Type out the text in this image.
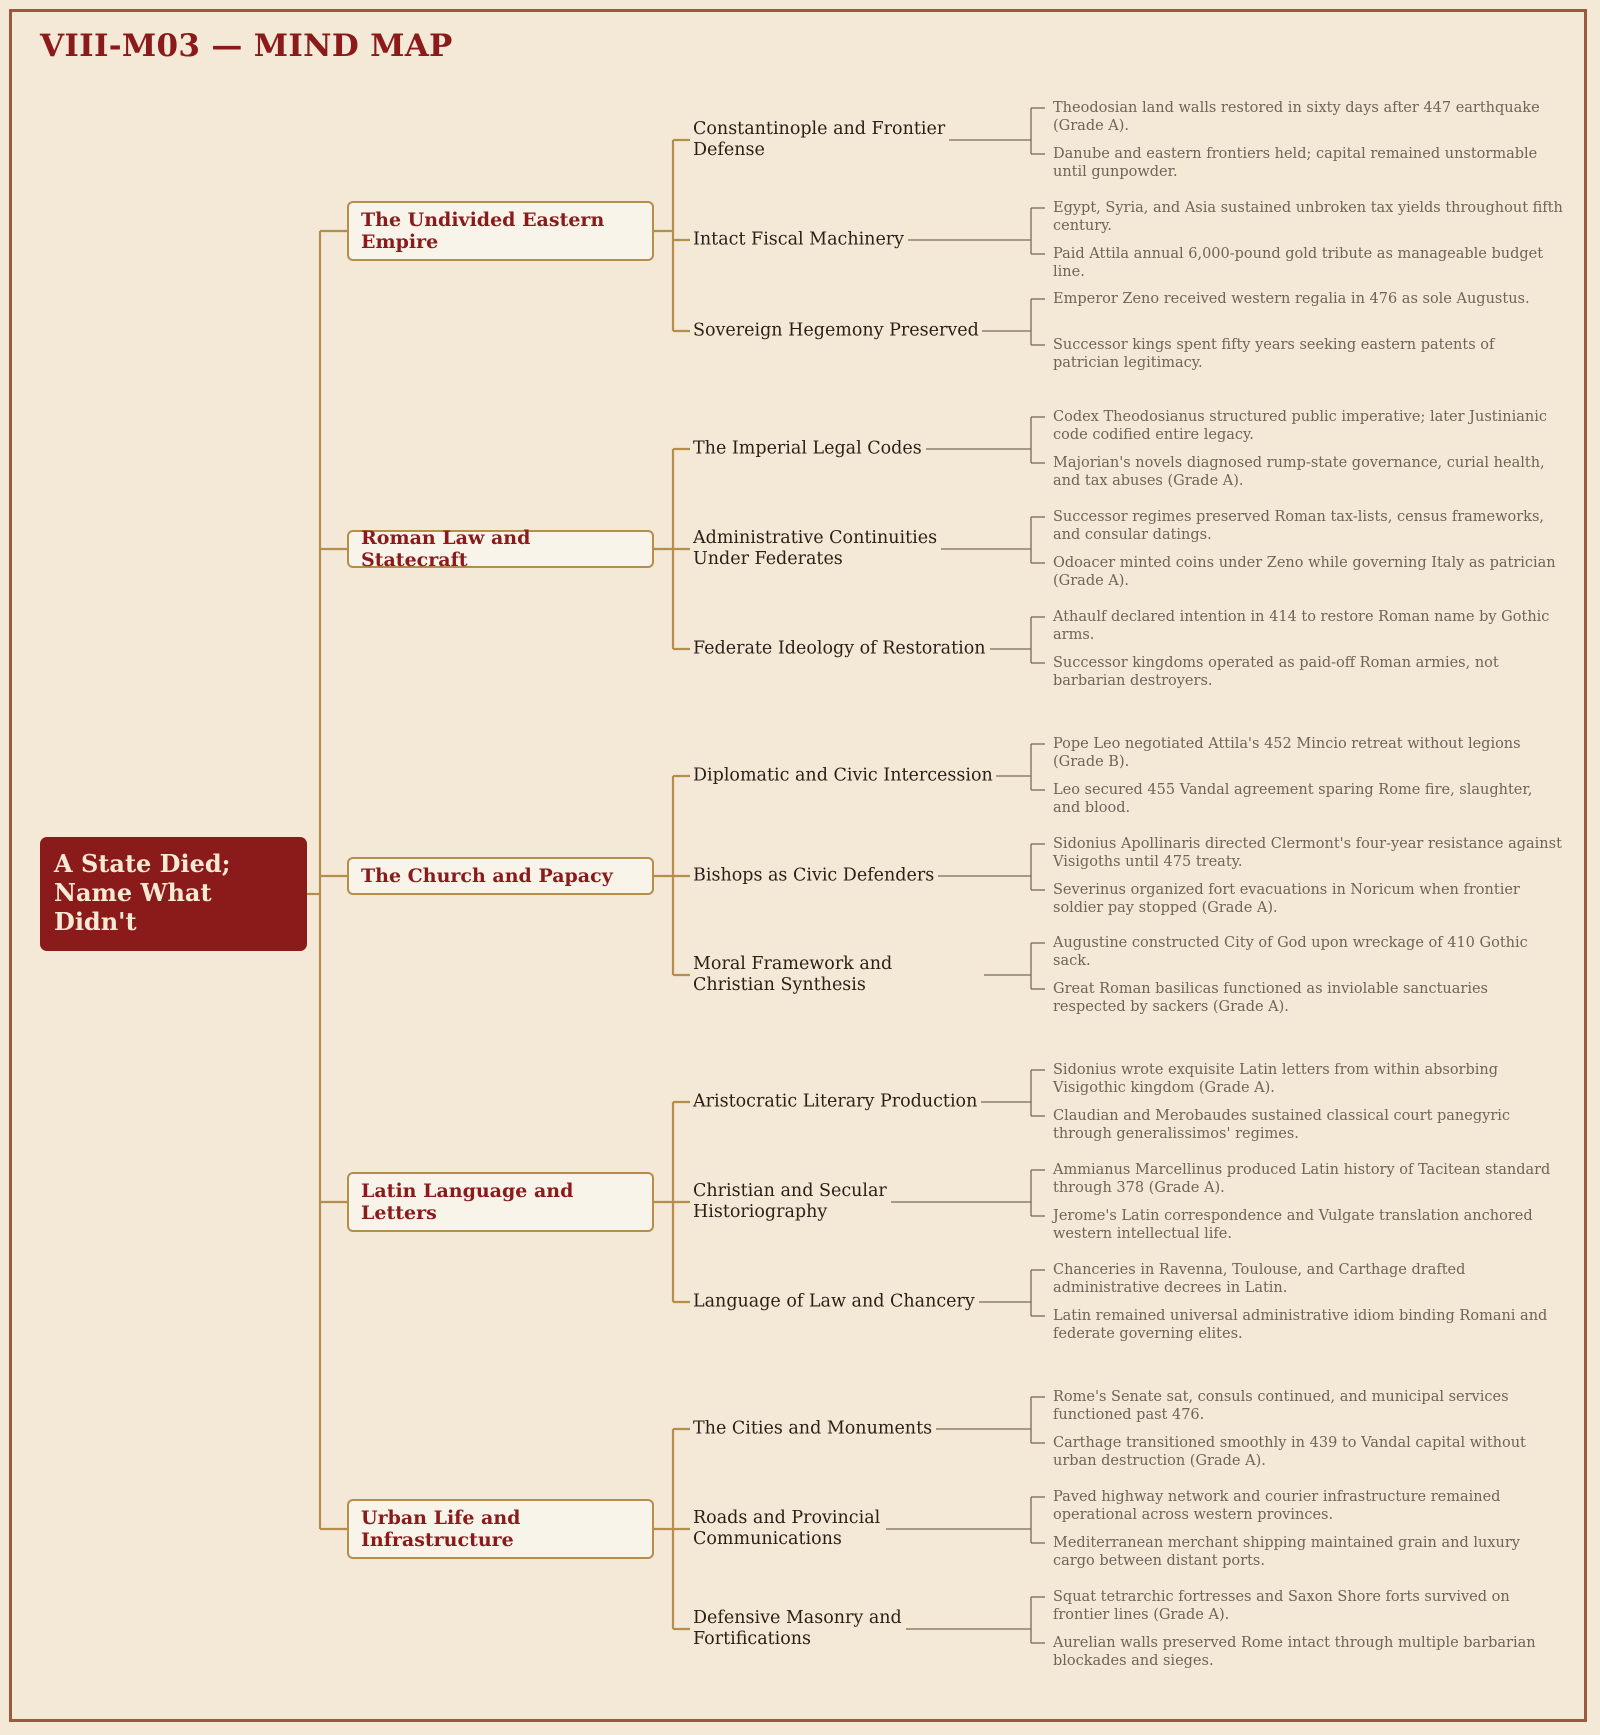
VIII-M03 — MIND MAP
A State Died; Name What Didn't
The Undivided Eastern Empire
Constantinople and Frontier Defense
Theodosian land walls restored in sixty days after 447 earthquake (Grade A).
Danube and eastern frontiers held; capital remained unstormable until gunpowder.
Intact Fiscal Machinery
Egypt, Syria, and Asia sustained unbroken tax yields throughout fifth century.
Paid Attila annual 6,000-pound gold tribute as manageable budget line.
Sovereign Hegemony Preserved
Emperor Zeno received western regalia in 476 as sole Augustus.
Successor kings spent fifty years seeking eastern patents of patrician legitimacy.
Roman Law and Statecraft
The Imperial Legal Codes
Codex Theodosianus structured public imperative; later Justinianic code codified entire legacy.
Majorian's novels diagnosed rump-state governance, curial health, and tax abuses (Grade A).
Administrative Continuities Under Federates
Successor regimes preserved Roman tax-lists, census frameworks, and consular datings.
Odoacer minted coins under Zeno while governing Italy as patrician (Grade A).
Federate Ideology of Restoration
Athaulf declared intention in 414 to restore Roman name by Gothic arms.
Successor kingdoms operated as paid-off Roman armies, not barbarian destroyers.
The Church and Papacy
Diplomatic and Civic Intercession
Pope Leo negotiated Attila's 452 Mincio retreat without legions (Grade B).
Leo secured 455 Vandal agreement sparing Rome fire, slaughter, and blood.
Bishops as Civic Defenders
Sidonius Apollinaris directed Clermont's four-year resistance against Visigoths until 475 treaty.
Severinus organized fort evacuations in Noricum when frontier soldier pay stopped (Grade A).
Moral Framework and Christian Synthesis
Augustine constructed City of God upon wreckage of 410 Gothic sack.
Great Roman basilicas functioned as inviolable sanctuaries respected by sackers (Grade A).
Latin Language and Letters
Aristocratic Literary Production
Sidonius wrote exquisite Latin letters from within absorbing Visigothic kingdom (Grade A).
Claudian and Merobaudes sustained classical court panegyric through generalissimos' regimes.
Christian and Secular Historiography
Ammianus Marcellinus produced Latin history of Tacitean standard through 378 (Grade A).
Jerome's Latin correspondence and Vulgate translation anchored western intellectual life.
Language of Law and Chancery
Chanceries in Ravenna, Toulouse, and Carthage drafted administrative decrees in Latin.
Latin remained universal administrative idiom binding Romani and federate governing elites.
Urban Life and Infrastructure
The Cities and Monuments
Rome's Senate sat, consuls continued, and municipal services functioned past 476.
Carthage transitioned smoothly in 439 to Vandal capital without urban destruction (Grade A).
Roads and Provincial Communications
Paved highway network and courier infrastructure remained operational across western provinces.
Mediterranean merchant shipping maintained grain and luxury cargo between distant ports.
Defensive Masonry and Fortifications
Squat tetrarchic fortresses and Saxon Shore forts survived on frontier lines (Grade A).
Aurelian walls preserved Rome intact through multiple barbarian blockades and sieges.
